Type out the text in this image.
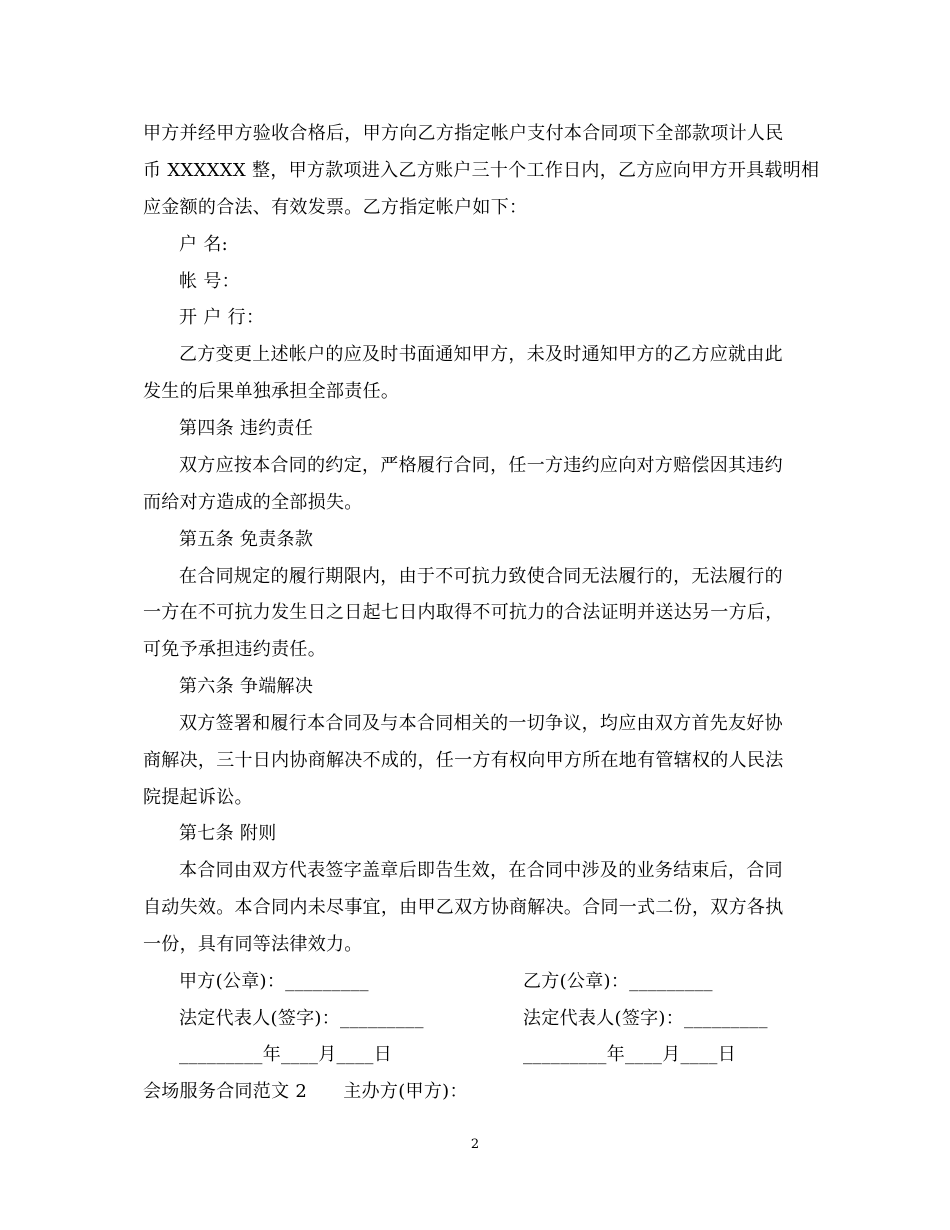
甲方并经甲方验收合格后，甲方向乙方指定帐户支付本合同项下全部款项计人民
币 XXXXXX 整，甲方款项进入乙方账户三十个工作日内，乙方应向甲方开具载明相
应金额的合法、有效发票。乙方指定帐户如下：
户 名:
帐 号：
开 户 行：
乙方变更上述帐户的应及时书面通知甲方，未及时通知甲方的乙方应就由此
发生的后果单独承担全部责任。
第四条 违约责任
双方应按本合同的约定，严格履行合同，任一方违约应向对方赔偿因其违约
而给对方造成的全部损失。
第五条 免责条款
在合同规定的履行期限内，由于不可抗力致使合同无法履行的，无法履行的
一方在不可抗力发生日之日起七日内取得不可抗力的合法证明并送达另一方后，
可免予承担违约责任。
第六条 争端解决
双方签署和履行本合同及与本合同相关的一切争议，均应由双方首先友好协
商解决，三十日内协商解决不成的，任一方有权向甲方所在地有管辖权的人民法
院提起诉讼。
第七条 附则
本合同由双方代表签字盖章后即告生效，在合同中涉及的业务结束后，合同
自动失效。本合同内未尽事宜，由甲乙双方协商解决。合同一式二份，双方各执
一份，具有同等法律效力。
甲方(公章)：_________	乙方(公章)：_________
法定代表人(签字)：_________	法定代表人(签字)：_________
_________年____月____日	_________年____月____日
会场服务合同范文 2      主办方(甲方)：
2
